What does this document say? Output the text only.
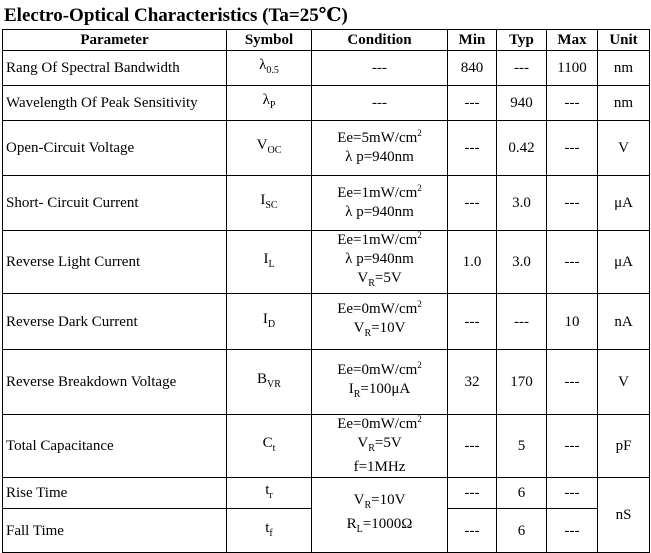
Electro-Optical Characteristics (Ta=25℃)
Parameter	Symbol	Condition	Min	Typ	Max	Unit
Rang Of Spectral Bandwidth	$\lambda_{0.5}$	---	840	---	1100	nm
Wavelength Of Peak Sensitivity	$\lambda_P$	---	---	940	---	nm
Open-Circuit Voltage	$V_{OC}$	$Ee=5mW/cm^2$
λ p=940nm	---	0.42	---	V
Short- Circuit Current	$I_{SC}$	$Ee=1mW/cm^2$
λ p=940nm	---	3.0	---	μA
Reverse Light Current	$I_L$	$Ee=1mW/cm^2$
λ p=940nm
$V_R=5V$	1.0	3.0	---	μA
Reverse Dark Current	$I_D$	$Ee=0mW/cm^2$
$V_R=10V$	---	---	10	nA
Reverse Breakdown Voltage	$B_{VR}$	$Ee=0mW/cm^2$
$I_R=100\mu A$	32	170	---	V
Total Capacitance	$C_t$	$Ee=0mW/cm^2$
$V_R=5V$
f=1MHz	---	5	---	pF
Rise Time	$t_r$	$V_R=10V$
$R_L=1000\Omega$	---	6	---	nS
Fall Time	$t_f$		---	6	---	
